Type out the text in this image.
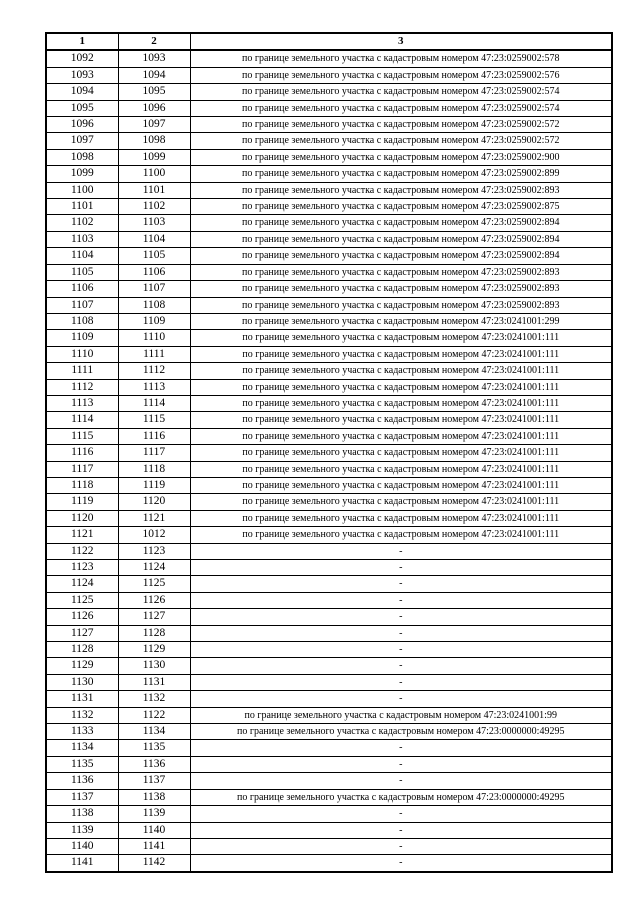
1	2	3
1092	1093	по границе земельного участка с кадастровым номером 47:23:0259002:578
1093	1094	по границе земельного участка с кадастровым номером 47:23:0259002:576
1094	1095	по границе земельного участка с кадастровым номером 47:23:0259002:574
1095	1096	по границе земельного участка с кадастровым номером 47:23:0259002:574
1096	1097	по границе земельного участка с кадастровым номером 47:23:0259002:572
1097	1098	по границе земельного участка с кадастровым номером 47:23:0259002:572
1098	1099	по границе земельного участка с кадастровым номером 47:23:0259002:900
1099	1100	по границе земельного участка с кадастровым номером 47:23:0259002:899
1100	1101	по границе земельного участка с кадастровым номером 47:23:0259002:893
1101	1102	по границе земельного участка с кадастровым номером 47:23:0259002:875
1102	1103	по границе земельного участка с кадастровым номером 47:23:0259002:894
1103	1104	по границе земельного участка с кадастровым номером 47:23:0259002:894
1104	1105	по границе земельного участка с кадастровым номером 47:23:0259002:894
1105	1106	по границе земельного участка с кадастровым номером 47:23:0259002:893
1106	1107	по границе земельного участка с кадастровым номером 47:23:0259002:893
1107	1108	по границе земельного участка с кадастровым номером 47:23:0259002:893
1108	1109	по границе земельного участка с кадастровым номером 47:23:0241001:299
1109	1110	по границе земельного участка с кадастровым номером 47:23:0241001:111
1110	1111	по границе земельного участка с кадастровым номером 47:23:0241001:111
1111	1112	по границе земельного участка с кадастровым номером 47:23:0241001:111
1112	1113	по границе земельного участка с кадастровым номером 47:23:0241001:111
1113	1114	по границе земельного участка с кадастровым номером 47:23:0241001:111
1114	1115	по границе земельного участка с кадастровым номером 47:23:0241001:111
1115	1116	по границе земельного участка с кадастровым номером 47:23:0241001:111
1116	1117	по границе земельного участка с кадастровым номером 47:23:0241001:111
1117	1118	по границе земельного участка с кадастровым номером 47:23:0241001:111
1118	1119	по границе земельного участка с кадастровым номером 47:23:0241001:111
1119	1120	по границе земельного участка с кадастровым номером 47:23:0241001:111
1120	1121	по границе земельного участка с кадастровым номером 47:23:0241001:111
1121	1012	по границе земельного участка с кадастровым номером 47:23:0241001:111
1122	1123	-
1123	1124	-
1124	1125	-
1125	1126	-
1126	1127	-
1127	1128	-
1128	1129	-
1129	1130	-
1130	1131	-
1131	1132	-
1132	1122	по границе земельного участка с кадастровым номером 47:23:0241001:99
1133	1134	по границе земельного участка с кадастровым номером 47:23:0000000:49295
1134	1135	-
1135	1136	-
1136	1137	-
1137	1138	по границе земельного участка с кадастровым номером 47:23:0000000:49295
1138	1139	-
1139	1140	-
1140	1141	-
1141	1142	-
